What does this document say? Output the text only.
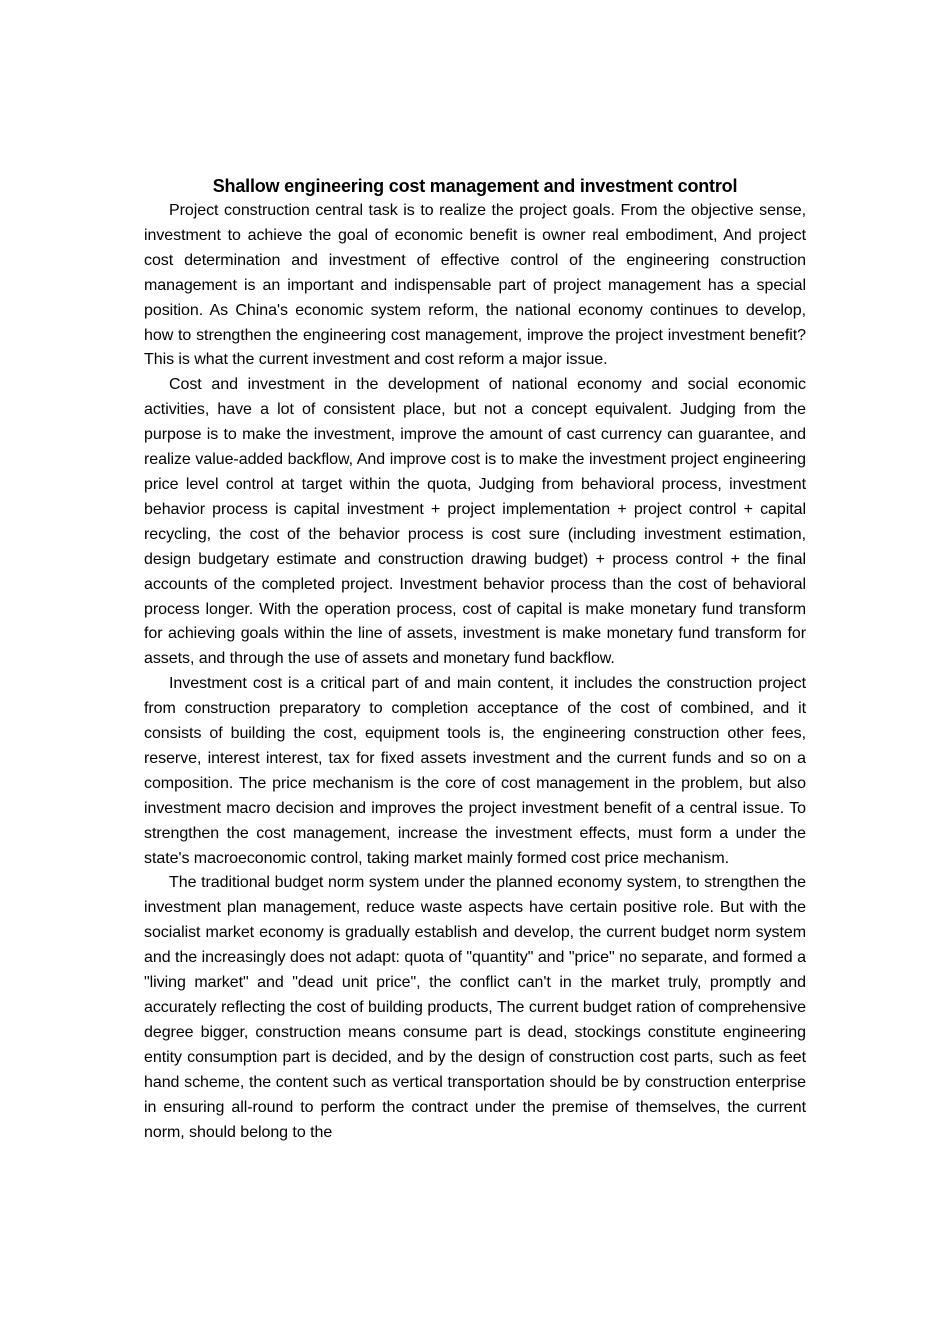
Shallow engineering cost management and investment control

Project construction central task is to realize the project goals. From the objective sense, investment to achieve the goal of economic benefit is owner real embodiment, And project cost determination and investment of effective control of the engineering construction management is an important and indispensable part of project management has a special position. As China's economic system reform, the national economy continues to develop, how to strengthen the engineering cost management, improve the project investment benefit? This is what the current investment and cost reform a major issue.

Cost and investment in the development of national economy and social economic activities, have a lot of consistent place, but not a concept equivalent. Judging from the purpose is to make the investment, improve the amount of cast currency can guarantee, and realize value-added backflow, And improve cost is to make the investment project engineering price level control at target within the quota, Judging from behavioral process, investment behavior process is capital investment + project implementation + project control + capital recycling, the cost of the behavior process is cost sure (including investment estimation, design budgetary estimate and construction drawing budget) + process control + the final accounts of the completed project. Investment behavior process than the cost of behavioral process longer. With the operation process, cost of capital is make monetary fund transform for achieving goals within the line of assets, investment is make monetary fund transform for assets, and through the use of assets and monetary fund backflow.

Investment cost is a critical part of and main content, it includes the construction project from construction preparatory to completion acceptance of the cost of combined, and it consists of building the cost, equipment tools is, the engineering construction other fees, reserve, interest interest, tax for fixed assets investment and the current funds and so on a composition. The price mechanism is the core of cost management in the problem, but also investment macro decision and improves the project investment benefit of a central issue. To strengthen the cost management, increase the investment effects, must form a under the state's macroeconomic control, taking market mainly formed cost price mechanism.

The traditional budget norm system under the planned economy system, to strengthen the investment plan management, reduce waste aspects have certain positive role. But with the socialist market economy is gradually establish and develop, the current budget norm system and the increasingly does not adapt: quota of "quantity" and "price" no separate, and formed a "living market" and "dead unit price", the conflict can't in the market truly, promptly and accurately reflecting the cost of building products, The current budget ration of comprehensive degree bigger, construction means consume part is dead, stockings constitute engineering entity consumption part is decided, and by the design of construction cost parts, such as feet hand scheme, the content such as vertical transportation should be by construction enterprise in ensuring all-round to perform the contract under the premise of themselves, the current norm, should belong to the
